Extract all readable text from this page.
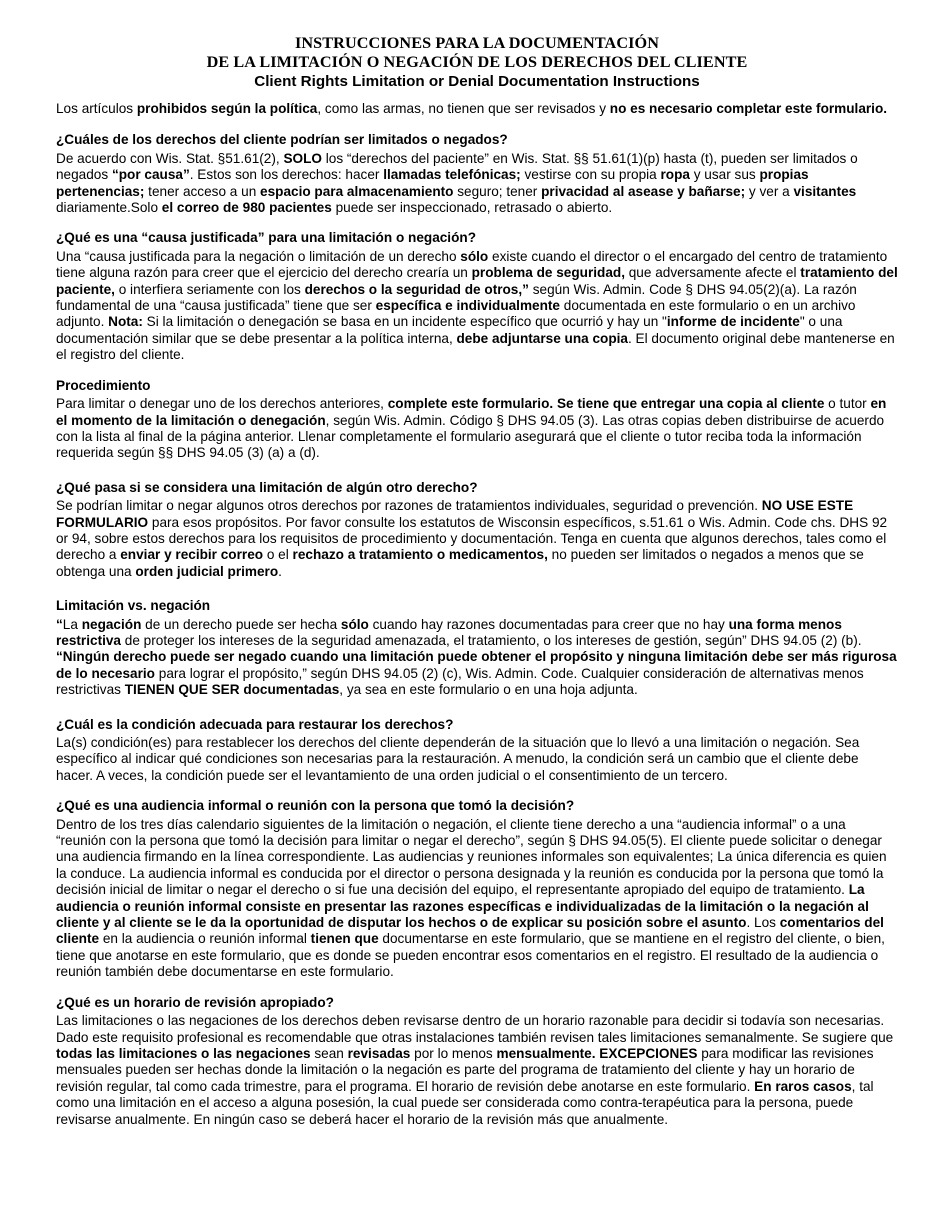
INSTRUCCIONES PARA LA DOCUMENTACIÓN
DE LA LIMITACIÓN O NEGACIÓN DE LOS DERECHOS DEL CLIENTE
Client Rights Limitation or Denial Documentation Instructions

Los artículos prohibidos según la política, como las armas, no tienen que ser revisados y no es necesario completar este formulario.

¿Cuáles de los derechos del cliente podrían ser limitados o negados?

De acuerdo con Wis. Stat. §51.61(2), SOLO los “derechos del paciente” en Wis. Stat. §§ 51.61(1)(p) hasta (t), pueden ser limitados o negados “por causa”. Estos son los derechos: hacer llamadas telefónicas; vestirse con su propia ropa y usar sus propias pertenencias; tener acceso a un espacio para almacenamiento seguro; tener privacidad al asease y bañarse; y ver a visitantes diariamente.Solo el correo de 980 pacientes puede ser inspeccionado, retrasado o abierto.

¿Qué es una “causa justificada” para una limitación o negación?

Una “causa justificada para la negación o limitación de un derecho sólo existe cuando el director o el encargado del centro de tratamiento tiene alguna razón para creer que el ejercicio del derecho crearía un problema de seguridad, que adversamente afecte el tratamiento del paciente, o interfiera seriamente con los derechos o la seguridad de otros,” según Wis. Admin. Code § DHS 94.05(2)(a). La razón fundamental de una “causa justificada” tiene que ser específica e individualmente documentada en este formulario o en un archivo adjunto. Nota: Si la limitación o denegación se basa en un incidente específico que ocurrió y hay un "informe de incidente" o una documentación similar que se debe presentar a la política interna, debe adjuntarse una copia. El documento original debe mantenerse en el registro del cliente.

Procedimiento

Para limitar o denegar uno de los derechos anteriores, complete este formulario. Se tiene que entregar una copia al cliente o tutor en el momento de la limitación o denegación, según Wis. Admin. Código § DHS 94.05 (3). Las otras copias deben distribuirse de acuerdo con la lista al final de la página anterior. Llenar completamente el formulario asegurará que el cliente o tutor reciba toda la información requerida según §§ DHS 94.05 (3) (a) a (d).

¿Qué pasa si se considera una limitación de algún otro derecho?

Se podrían limitar o negar algunos otros derechos por razones de tratamientos individuales, seguridad o prevención. NO USE ESTE FORMULARIO para esos propósitos. Por favor consulte los estatutos de Wisconsin específicos, s.51.61 o Wis. Admin. Code chs. DHS 92 or 94, sobre estos derechos para los requisitos de procedimiento y documentación. Tenga en cuenta que algunos derechos, tales como el derecho a enviar y recibir correo o el rechazo a tratamiento o medicamentos, no pueden ser limitados o negados a menos que se obtenga una orden judicial primero.

Limitación vs. negación

“La negación de un derecho puede ser hecha sólo cuando hay razones documentadas para creer que no hay una forma menos restrictiva de proteger los intereses de la seguridad amenazada, el tratamiento, o los intereses de gestión, según” DHS 94.05 (2) (b). “Ningún derecho puede ser negado cuando una limitación puede obtener el propósito y ninguna limitación debe ser más rigurosa de lo necesario para lograr el propósito,” según DHS 94.05 (2) (c), Wis. Admin. Code. Cualquier consideración de alternativas menos restrictivas TIENEN QUE SER documentadas, ya sea en este formulario o en una hoja adjunta.

¿Cuál es la condición adecuada para restaurar los derechos?

La(s) condición(es) para restablecer los derechos del cliente dependerán de la situación que lo llevó a una limitación o negación. Sea específico al indicar qué condiciones son necesarias para la restauración. A menudo, la condición será un cambio que el cliente debe hacer. A veces, la condición puede ser el levantamiento de una orden judicial o el consentimiento de un tercero.

¿Qué es una audiencia informal o reunión con la persona que tomó la decisión?

Dentro de los tres días calendario siguientes de la limitación o negación, el cliente tiene derecho a una “audiencia informal” o a una “reunión con la persona que tomó la decisión para limitar o negar el derecho”, según § DHS 94.05(5). El cliente puede solicitar o denegar una audiencia firmando en la línea correspondiente. Las audiencias y reuniones informales son equivalentes; La única diferencia es quien la conduce. La audiencia informal es conducida por el director o persona designada y la reunión es conducida por la persona que tomó la decisión inicial de limitar o negar el derecho o si fue una decisión del equipo, el representante apropiado del equipo de tratamiento. La audiencia o reunión informal consiste en presentar las razones específicas e individualizadas de la limitación o la negación al cliente y al cliente se le da la oportunidad de disputar los hechos o de explicar su posición sobre el asunto. Los comentarios del cliente en la audiencia o reunión informal tienen que documentarse en este formulario, que se mantiene en el registro del cliente, o bien, tiene que anotarse en este formulario, que es donde se pueden encontrar esos comentarios en el registro. El resultado de la audiencia o reunión también debe documentarse en este formulario.

¿Qué es un horario de revisión apropiado?

Las limitaciones o las negaciones de los derechos deben revisarse dentro de un horario razonable para decidir si todavía son necesarias. Dado este requisito profesional es recomendable que otras instalaciones también revisen tales limitaciones semanalmente. Se sugiere que todas las limitaciones o las negaciones sean revisadas por lo menos mensualmente. EXCEPCIONES para modificar las revisiones mensuales pueden ser hechas donde la limitación o la negación es parte del programa de tratamiento del cliente y hay un horario de revisión regular, tal como cada trimestre, para el programa. El horario de revisión debe anotarse en este formulario. En raros casos, tal como una limitación en el acceso a alguna posesión, la cual puede ser considerada como contra-terapéutica para la persona, puede revisarse anualmente. En ningún caso se deberá hacer el horario de la revisión más que anualmente.
